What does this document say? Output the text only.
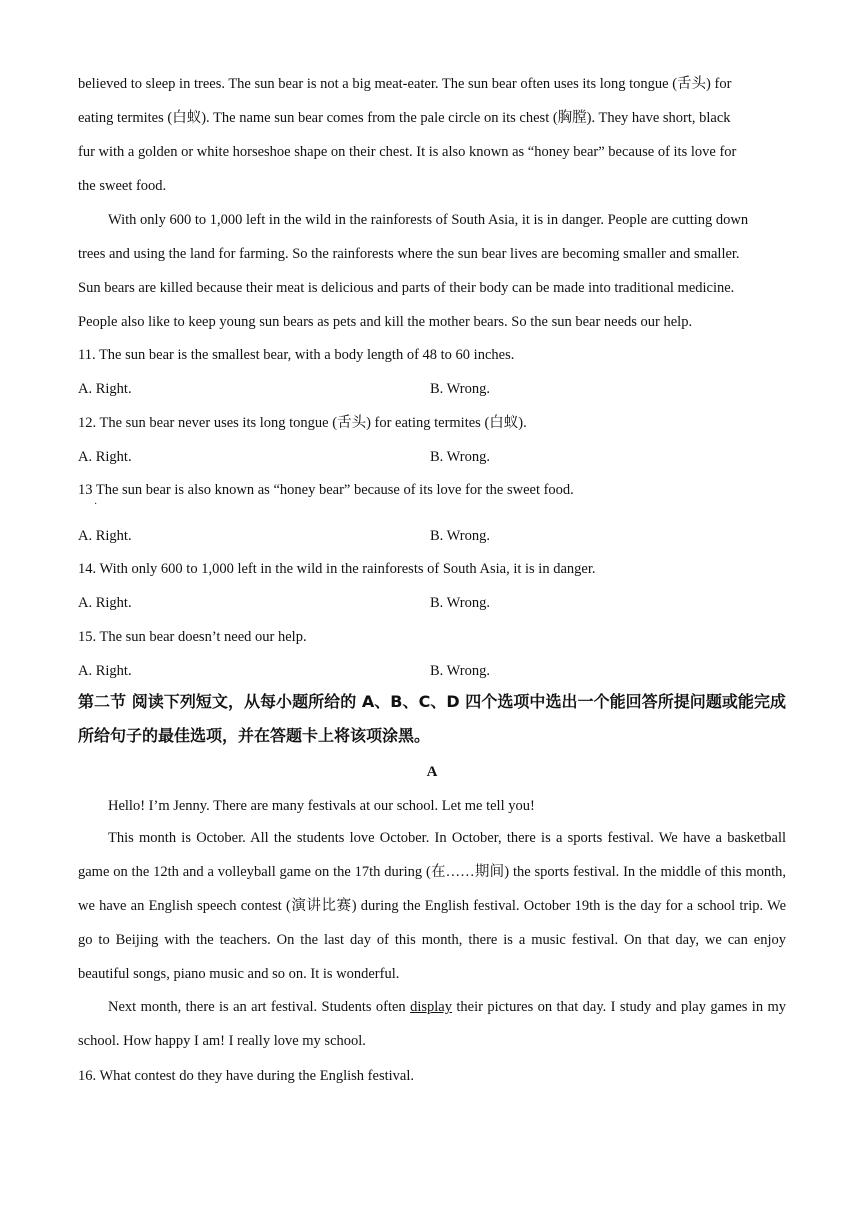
believed to sleep in trees. The sun bear is not a big meat-eater. The sun bear often uses its long tongue (舌头) for
eating termites (白蚁). The name sun bear comes from the pale circle on its chest (胸膛). They have short, black
fur with a golden or white horseshoe shape on their chest. It is also known as “honey bear” because of its love for
the sweet food.
With only 600 to 1,000 left in the wild in the rainforests of South Asia, it is in danger. People are cutting down
trees and using the land for farming. So the rainforests where the sun bear lives are becoming smaller and smaller.
Sun bears are killed because their meat is delicious and parts of their body can be made into traditional medicine.
People also like to keep young sun bears as pets and kill the mother bears. So the sun bear needs our help.
11. The sun bear is the smallest bear, with a body length of 48 to 60 inches.
A. Right.	B. Wrong.
12. The sun bear never uses its long tongue (舌头) for eating termites (白蚁).
A. Right.	B. Wrong.
13 The sun bear is also known as “honey bear” because of its love for the sweet food.
·
A. Right.	B. Wrong.
14. With only 600 to 1,000 left in the wild in the rainforests of South Asia, it is in danger.
A. Right.	B. Wrong.
15. The sun bear doesn’t need our help.
A. Right.	B. Wrong.
第二节 阅读下列短文，从每小题所给的 A、B、C、D 四个选项中选出一个能回答所提问题或能完成所给句子的最佳选项，并在答题卡上将该项涂黑。
A
Hello! I’m Jenny. There are many festivals at our school. Let me tell you!
This month is October. All the students love October. In October, there is a sports festival. We have a basketball game on the 12th and a volleyball game on the 17th during (在……期间) the sports festival. In the middle of this month, we have an English speech contest (演讲比赛) during the English festival. October 19th is the day for a school trip. We go to Beijing with the teachers. On the last day of this month, there is a music festival. On that day, we can enjoy beautiful songs, piano music and so on. It is wonderful.
Next month, there is an art festival. Students often display their pictures on that day. I study and play games in my school. How happy I am! I really love my school.
16. What contest do they have during the English festival.
